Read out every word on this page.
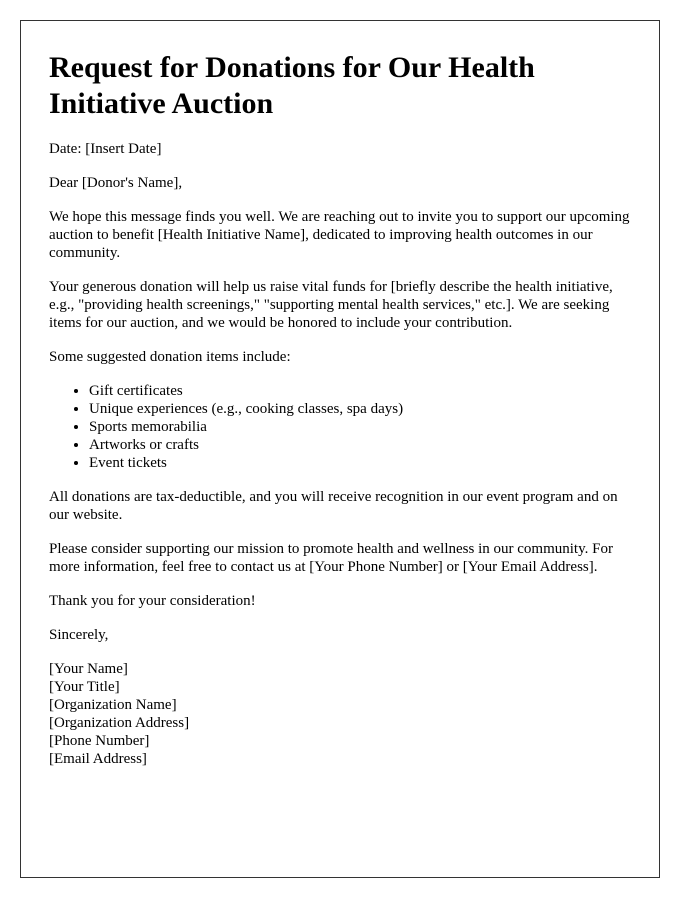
Request for Donations for Our Health Initiative Auction

Date: [Insert Date]

Dear [Donor's Name],

We hope this message finds you well. We are reaching out to invite you to support our upcoming auction to benefit [Health Initiative Name], dedicated to improving health outcomes in our community.

Your generous donation will help us raise vital funds for [briefly describe the health initiative, e.g., "providing health screenings," "supporting mental health services," etc.]. We are seeking items for our auction, and we would be honored to include your contribution.

Some suggested donation items include:

• Gift certificates
• Unique experiences (e.g., cooking classes, spa days)
• Sports memorabilia
• Artworks or crafts
• Event tickets

All donations are tax-deductible, and you will receive recognition in our event program and on our website.

Please consider supporting our mission to promote health and wellness in our community. For more information, feel free to contact us at [Your Phone Number] or [Your Email Address].

Thank you for your consideration!

Sincerely,

[Your Name]
[Your Title]
[Organization Name]
[Organization Address]
[Phone Number]
[Email Address]
